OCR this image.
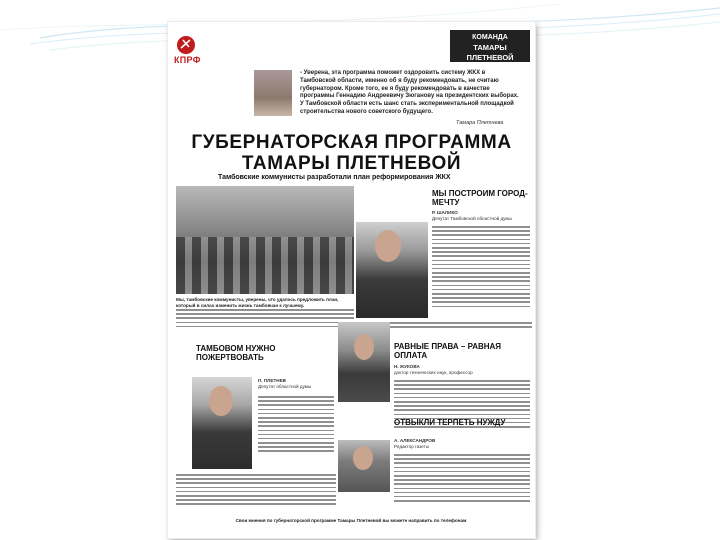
КПРФ
КОМАНДА
ТАМАРЫ ПЛЕТНЕВОЙ
- Уверена, эта программа поможет оздоровить систему ЖКХ в Тамбовской области, именно об я буду рекомендовать, не считаю губернатором. Кроме того, ее я буду рекомендовать в качестве программы Геннадию Андреевичу Зюганову на президентских выборах. У Тамбовской области есть шанс стать экспериментальной площадкой строительства нового советского будущего.
Тамара Плетнева
ГУБЕРНАТОРСКАЯ ПРОГРАММА
ТАМАРЫ ПЛЕТНЕВОЙ
Тамбовские коммунисты разработали план реформирования ЖКХ
МЫ ПОСТРОИМ ГОРОД-МЕЧТУ
Р. ШАЛИКО
Депутат Тамбовской областной думы
Мы, тамбовские коммунисты, уверены, что удалось предложить план, который в силах изменить жизнь тамбовчан к лучшему.
РАВНЫЕ ПРАВА – РАВНАЯ ОПЛАТА
Н. ЖУКОВА
доктор технических наук, профессор
ТАМБОВОМ НУЖНО ПОЖЕРТВОВАТЬ
П. ПЛЕТНЕВ
Депутат областной думы
ОТВЫКЛИ ТЕРПЕТЬ НУЖДУ
А. АЛЕКСАНДРОВ
Редактор газеты
Свои мнения по губернаторской программе Тамары Плетневой вы можете направить по телефонам
